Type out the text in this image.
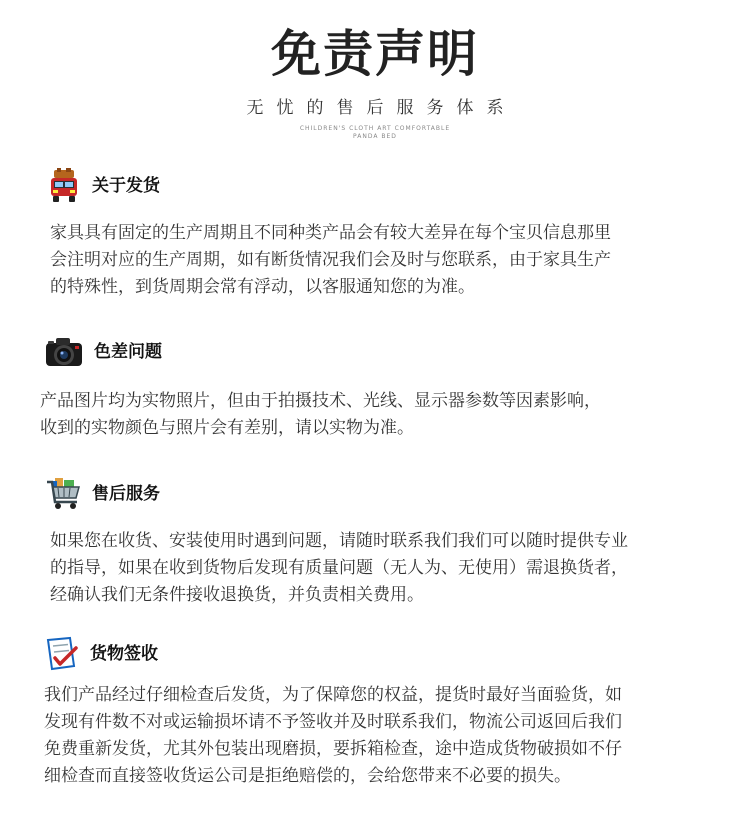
免责声明
无忧的售后服务体系
CHILDREN'S CLOTH ART COMFORTABLE
PANDA BED
关于发货

家具具有固定的生产周期且不同种类产品会有较大差异在每个宝贝信息那里

会注明对应的生产周期，如有断货情况我们会及时与您联系，由于家具生产

的特殊性，到货周期会常有浮动，以客服通知您的为准。

色差问题

产品图片均为实物照片，但由于拍摄技术、光线、显示器参数等因素影响，

收到的实物颜色与照片会有差别，请以实物为准。

售后服务

如果您在收货、安装使用时遇到问题，请随时联系我们我们可以随时提供专业

的指导，如果在收到货物后发现有质量问题（无人为、无使用）需退换货者，

经确认我们无条件接收退换货，并负责相关费用。

货物签收

我们产品经过仔细检查后发货，为了保障您的权益，提货时最好当面验货，如

发现有件数不对或运输损坏请不予签收并及时联系我们，物流公司返回后我们

免费重新发货，尤其外包装出现磨损，要拆箱检查，途中造成货物破损如不仔

细检查而直接签收货运公司是拒绝赔偿的，会给您带来不必要的损失。
